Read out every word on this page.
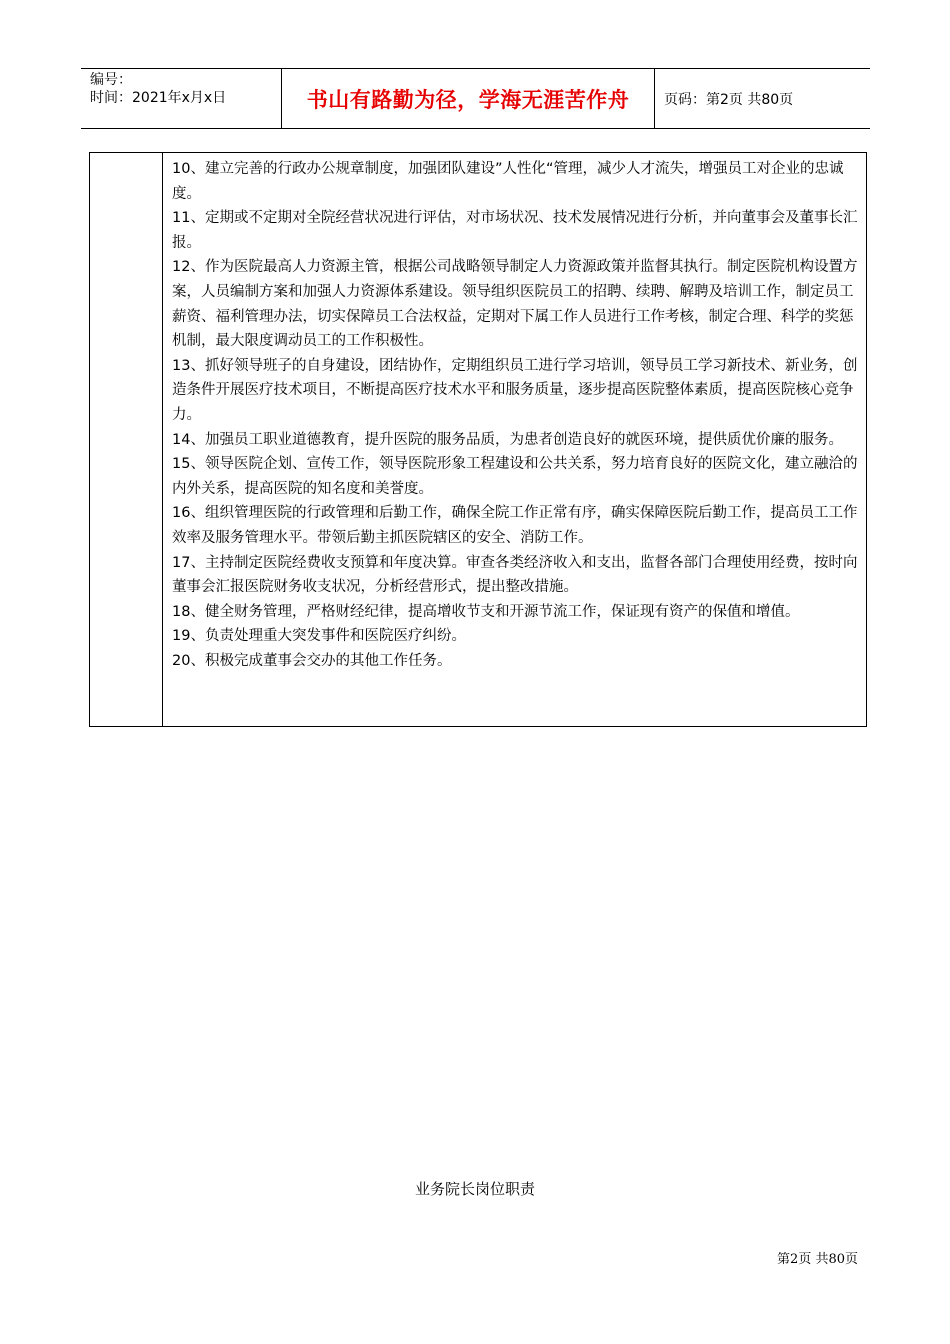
编号：
时间：2021年x月x日	书山有路勤为径，学海无涯苦作舟	页码：第2页 共80页

10、建立完善的行政办公规章制度，加强团队建设”人性化“管理，减少人才流失，增强员工对企业的忠诚度。

11、定期或不定期对全院经营状况进行评估，对市场状况、技术发展情况进行分析，并向董事会及董事长汇报。

12、作为医院最高人力资源主管，根据公司战略领导制定人力资源政策并监督其执行。制定医院机构设置方案，人员编制方案和加强人力资源体系建设。领导组织医院员工的招聘、续聘、解聘及培训工作，制定员工薪资、福利管理办法，切实保障员工合法权益，定期对下属工作人员进行工作考核，制定合理、科学的奖惩机制，最大限度调动员工的工作积极性。

13、抓好领导班子的自身建设，团结协作，定期组织员工进行学习培训，领导员工学习新技术、新业务，创造条件开展医疗技术项目，不断提高医疗技术水平和服务质量，逐步提高医院整体素质，提高医院核心竞争力。

14、加强员工职业道德教育，提升医院的服务品质，为患者创造良好的就医环境，提供质优价廉的服务。

15、领导医院企划、宣传工作，领导医院形象工程建设和公共关系，努力培育良好的医院文化，建立融洽的内外关系，提高医院的知名度和美誉度。

16、组织管理医院的行政管理和后勤工作，确保全院工作正常有序，确实保障医院后勤工作，提高员工工作效率及服务管理水平。带领后勤主抓医院辖区的安全、消防工作。

17、主持制定医院经费收支预算和年度决算。审查各类经济收入和支出，监督各部门合理使用经费，按时向董事会汇报医院财务收支状况，分析经营形式，提出整改措施。

18、健全财务管理，严格财经纪律，提高增收节支和开源节流工作，保证现有资产的保值和增值。

19、负责处理重大突发事件和医院医疗纠纷。

20、积极完成董事会交办的其他工作任务。

业务院长岗位职责
第2页 共80页
